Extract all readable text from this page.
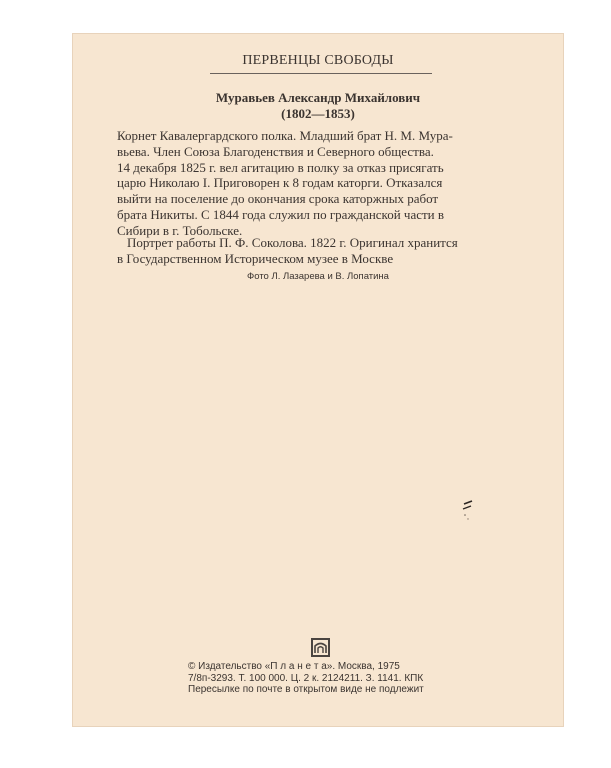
ПЕРВЕНЦЫ СВОБОДЫ
Муравьев Александр Михайлович
(1802—1853)
Корнет Кавалергардского полка. Младший брат Н. М. Мура-
вьева. Член Союза Благоденствия и Северного общества.
14 декабря 1825 г. вел агитацию в полку за отказ присягать
царю Николаю I. Приговорен к 8 годам каторги. Отказался
выйти на поселение до окончания срока каторжных работ
брата Никиты. С 1844 года служил по гражданской части в
Сибири в г. Тобольске.
Портрет работы П. Ф. Соколова. 1822 г. Оригинал хранится
в Государственном Историческом музее в Москве
Фото Л. Лазарева и В. Лопатина
© Издательство «П л а н е т а». Москва, 1975
7/8п-3293. Т. 100 000. Ц. 2 к. 2124211. З. 1141. КПК
Пересылке по почте в открытом виде не подлежит
